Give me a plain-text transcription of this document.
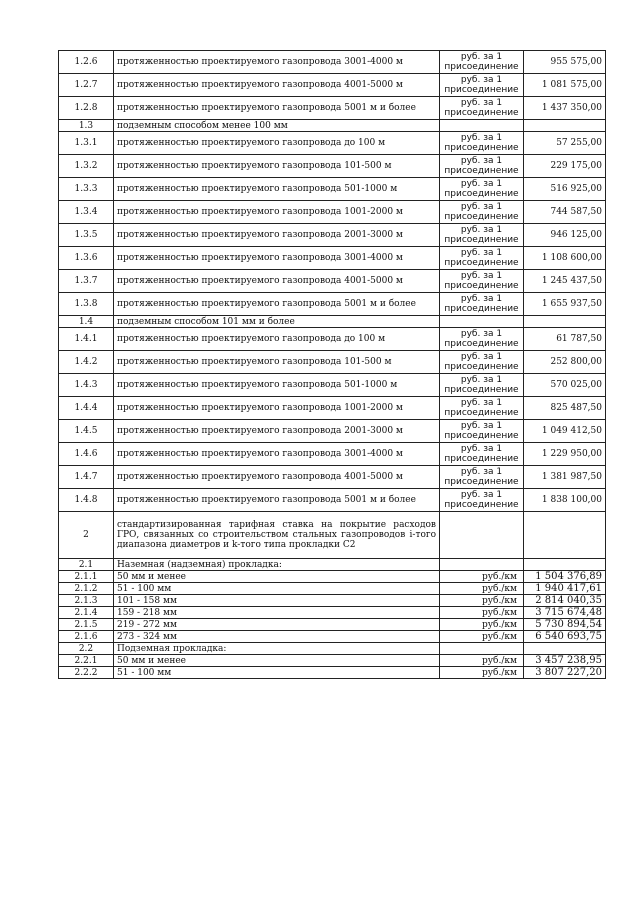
1.2.6	протяженностью проектируемого газопровода 3001-4000 м	руб. за 1 присоединение	955 575,00
1.2.7	протяженностью проектируемого газопровода 4001-5000 м	руб. за 1 присоединение	1 081 575,00
1.2.8	протяженностью проектируемого газопровода 5001 м и более	руб. за 1 присоединение	1 437 350,00
1.3	подземным способом менее 100 мм		
1.3.1	протяженностью проектируемого газопровода до 100 м	руб. за 1 присоединение	57 255,00
1.3.2	протяженностью проектируемого газопровода 101-500 м	руб. за 1 присоединение	229 175,00
1.3.3	протяженностью проектируемого газопровода 501-1000 м	руб. за 1 присоединение	516 925,00
1.3.4	протяженностью проектируемого газопровода 1001-2000 м	руб. за 1 присоединение	744 587,50
1.3.5	протяженностью проектируемого газопровода 2001-3000 м	руб. за 1 присоединение	946 125,00
1.3.6	протяженностью проектируемого газопровода 3001-4000 м	руб. за 1 присоединение	1 108 600,00
1.3.7	протяженностью проектируемого газопровода 4001-5000 м	руб. за 1 присоединение	1 245 437,50
1.3.8	протяженностью проектируемого газопровода 5001 м и более	руб. за 1 присоединение	1 655 937,50
1.4	подземным способом 101 мм и более		
1.4.1	протяженностью проектируемого газопровода до 100 м	руб. за 1 присоединение	61 787,50
1.4.2	протяженностью проектируемого газопровода 101-500 м	руб. за 1 присоединение	252 800,00
1.4.3	протяженностью проектируемого газопровода 501-1000 м	руб. за 1 присоединение	570 025,00
1.4.4	протяженностью проектируемого газопровода 1001-2000 м	руб. за 1 присоединение	825 487,50
1.4.5	протяженностью проектируемого газопровода 2001-3000 м	руб. за 1 присоединение	1 049 412,50
1.4.6	протяженностью проектируемого газопровода 3001-4000 м	руб. за 1 присоединение	1 229 950,00
1.4.7	протяженностью проектируемого газопровода 4001-5000 м	руб. за 1 присоединение	1 381 987,50
1.4.8	протяженностью проектируемого газопровода 5001 м и более	руб. за 1 присоединение	1 838 100,00
2	стандартизированная тарифная ставка на покрытие расходов ГРО, связанных со строительством стальных газопроводов i-того диапазона диаметров и k-того типа прокладки С2		
2.1	Наземная (надземная) прокладка:		
2.1.1	50 мм и менее	руб./км	1 504 376,89
2.1.2	51 - 100 мм	руб./км	1 940 417,61
2.1.3	101 - 158 мм	руб./км	2 814 040,35
2.1.4	159 - 218 мм	руб./км	3 715 674,48
2.1.5	219 - 272 мм	руб./км	5 730 894,54
2.1.6	273 - 324 мм	руб./км	6 540 693,75
2.2	Подземная прокладка:		
2.2.1	50 мм и менее	руб./км	3 457 238,95
2.2.2	51 - 100 мм	руб./км	3 807 227,20
